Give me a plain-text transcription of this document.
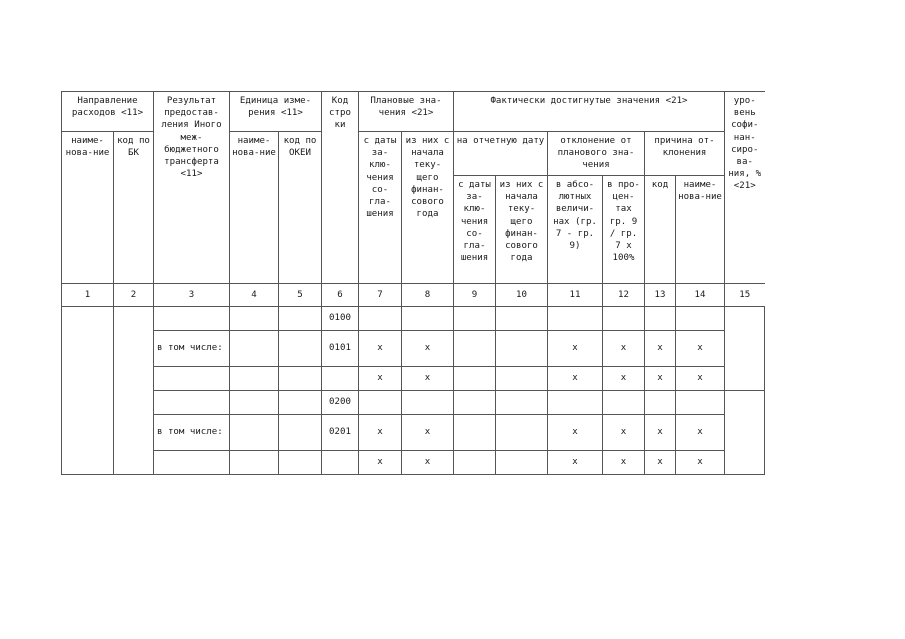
Направление расходов <11>		Результат предостав-ления Иного меж-бюджетного трансферта <11>	Единица изме-рения <11>		Код стро ки	Плановые зна-чения <21>		Фактически достигнутые значения <21>						уро-вень софи-нан-сиро-ва-ния, % <21>
наиме-нова-ние	код по БК		наиме-нова-ние	код по ОКЕИ		с даты за-клю-чения со-гла-шения	из них с начала теку-щего финан-сового года	на отчетную дату		отклонение от планового зна-чения		причина от-клонения		
								с даты за-клю-чения со-гла-шения	из них с начала теку-щего финан-сового года	в абсо-лютных величи-нах (гр. 7 - гр. 9)	в про-цен-тах гр. 9 / гр. 7 х 100%	код	наиме-нова-ние	
1	2	3	4	5	6	7	8	9	10	11	12	13	14	15
					0100									
		в том числе:			0101	х	х			х	х	х	х	
						х	х			х	х	х	х	
					0200									
		в том числе:			0201	х	х			х	х	х	х	
						х	х			х	х	х	х	
